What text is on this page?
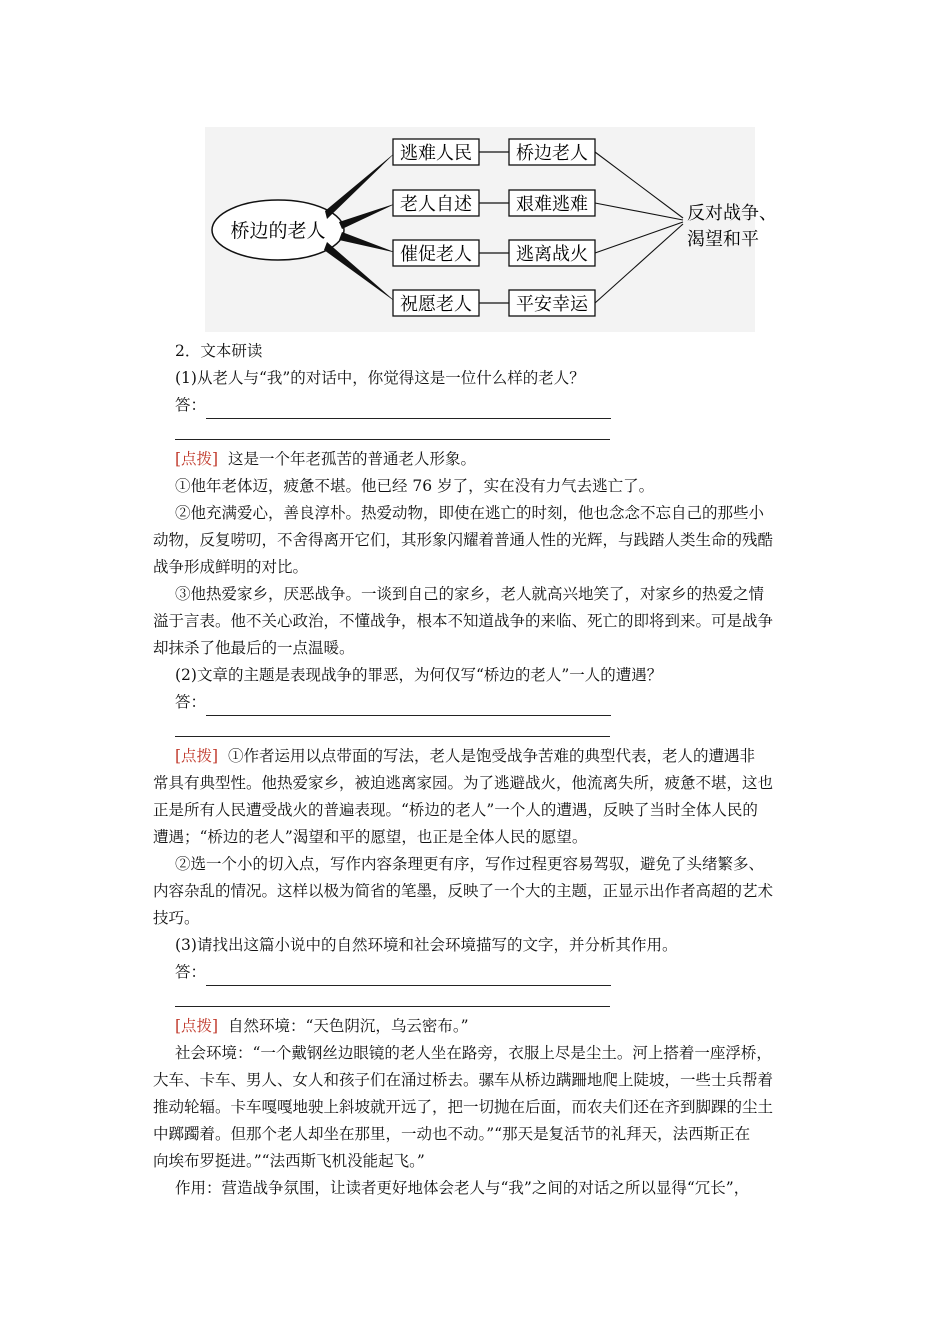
桥边的老人
逃难人民
老人自述
催促老人
祝愿老人
桥边老人
艰难逃难
逃离战火
平安幸运
反对战争、
渴望和平
2．文本研读
(1)从老人与“我”的对话中，你觉得这是一位什么样的老人？
答：
[点拨] 这是一个年老孤苦的普通老人形象。
①他年老体迈，疲惫不堪。他已经 76 岁了，实在没有力气去逃亡了。
②他充满爱心，善良淳朴。热爱动物，即使在逃亡的时刻，他也念念不忘自己的那些小
动物，反复唠叨，不舍得离开它们，其形象闪耀着普通人性的光辉，与践踏人类生命的残酷
战争形成鲜明的对比。
③他热爱家乡，厌恶战争。一谈到自己的家乡，老人就高兴地笑了，对家乡的热爱之情
溢于言表。他不关心政治，不懂战争，根本不知道战争的来临、死亡的即将到来。可是战争
却抹杀了他最后的一点温暖。
(2)文章的主题是表现战争的罪恶，为何仅写“桥边的老人”一人的遭遇？
答：
[点拨] ①作者运用以点带面的写法，老人是饱受战争苦难的典型代表，老人的遭遇非
常具有典型性。他热爱家乡，被迫逃离家园。为了逃避战火，他流离失所，疲惫不堪，这也
正是所有人民遭受战火的普遍表现。“桥边的老人”一个人的遭遇，反映了当时全体人民的
遭遇；“桥边的老人”渴望和平的愿望，也正是全体人民的愿望。
②选一个小的切入点，写作内容条理更有序，写作过程更容易驾驭，避免了头绪繁多、
内容杂乱的情况。这样以极为简省的笔墨，反映了一个大的主题，正显示出作者高超的艺术
技巧。
(3)请找出这篇小说中的自然环境和社会环境描写的文字，并分析其作用。
答：
[点拨] 自然环境：“天色阴沉，乌云密布。”
社会环境：“一个戴钢丝边眼镜的老人坐在路旁，衣服上尽是尘土。河上搭着一座浮桥，
大车、卡车、男人、女人和孩子们在涌过桥去。骡车从桥边蹒跚地爬上陡坡，一些士兵帮着
推动轮辐。卡车嘎嘎地驶上斜坡就开远了，把一切抛在后面，而农夫们还在齐到脚踝的尘土
中踯躅着。但那个老人却坐在那里，一动也不动。”“那天是复活节的礼拜天，法西斯正在
向埃布罗挺进。”“法西斯飞机没能起飞。”
作用：营造战争氛围，让读者更好地体会老人与“我”之间的对话之所以显得“冗长”，
